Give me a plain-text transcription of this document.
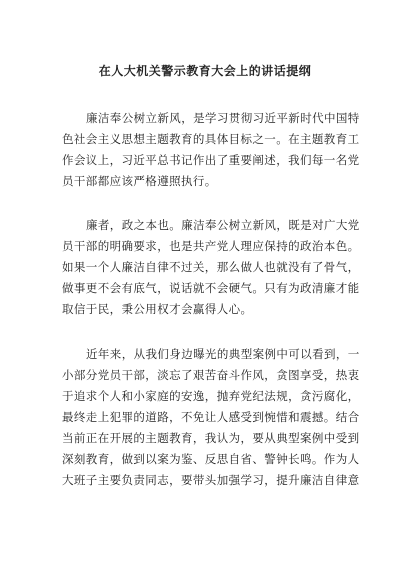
在人大机关警示教育大会上的讲话提纲
廉洁奉公树立新风，是学习贯彻习近平新时代中国特
色社会主义思想主题教育的具体目标之一。在主题教育工
作会议上，习近平总书记作出了重要阐述，我们每一名党
员干部都应该严格遵照执行。
廉者，政之本也。廉洁奉公树立新风，既是对广大党
员干部的明确要求，也是共产党人理应保持的政治本色。
如果一个人廉洁自律不过关，那么做人也就没有了骨气，
做事更不会有底气，说话就不会硬气。只有为政清廉才能
取信于民，秉公用权才会赢得人心。
近年来，从我们身边曝光的典型案例中可以看到，一
小部分党员干部，淡忘了艰苦奋斗作风，贪图享受，热衷
于追求个人和小家庭的安逸，抛弃党纪法规，贪污腐化，
最终走上犯罪的道路，不免让人感受到惋惜和震撼。结合
当前正在开展的主题教育，我认为，要从典型案例中受到
深刻教育，做到以案为鉴、反思自省、警钟长鸣。作为人
大班子主要负责同志，要带头加强学习，提升廉洁自律意
